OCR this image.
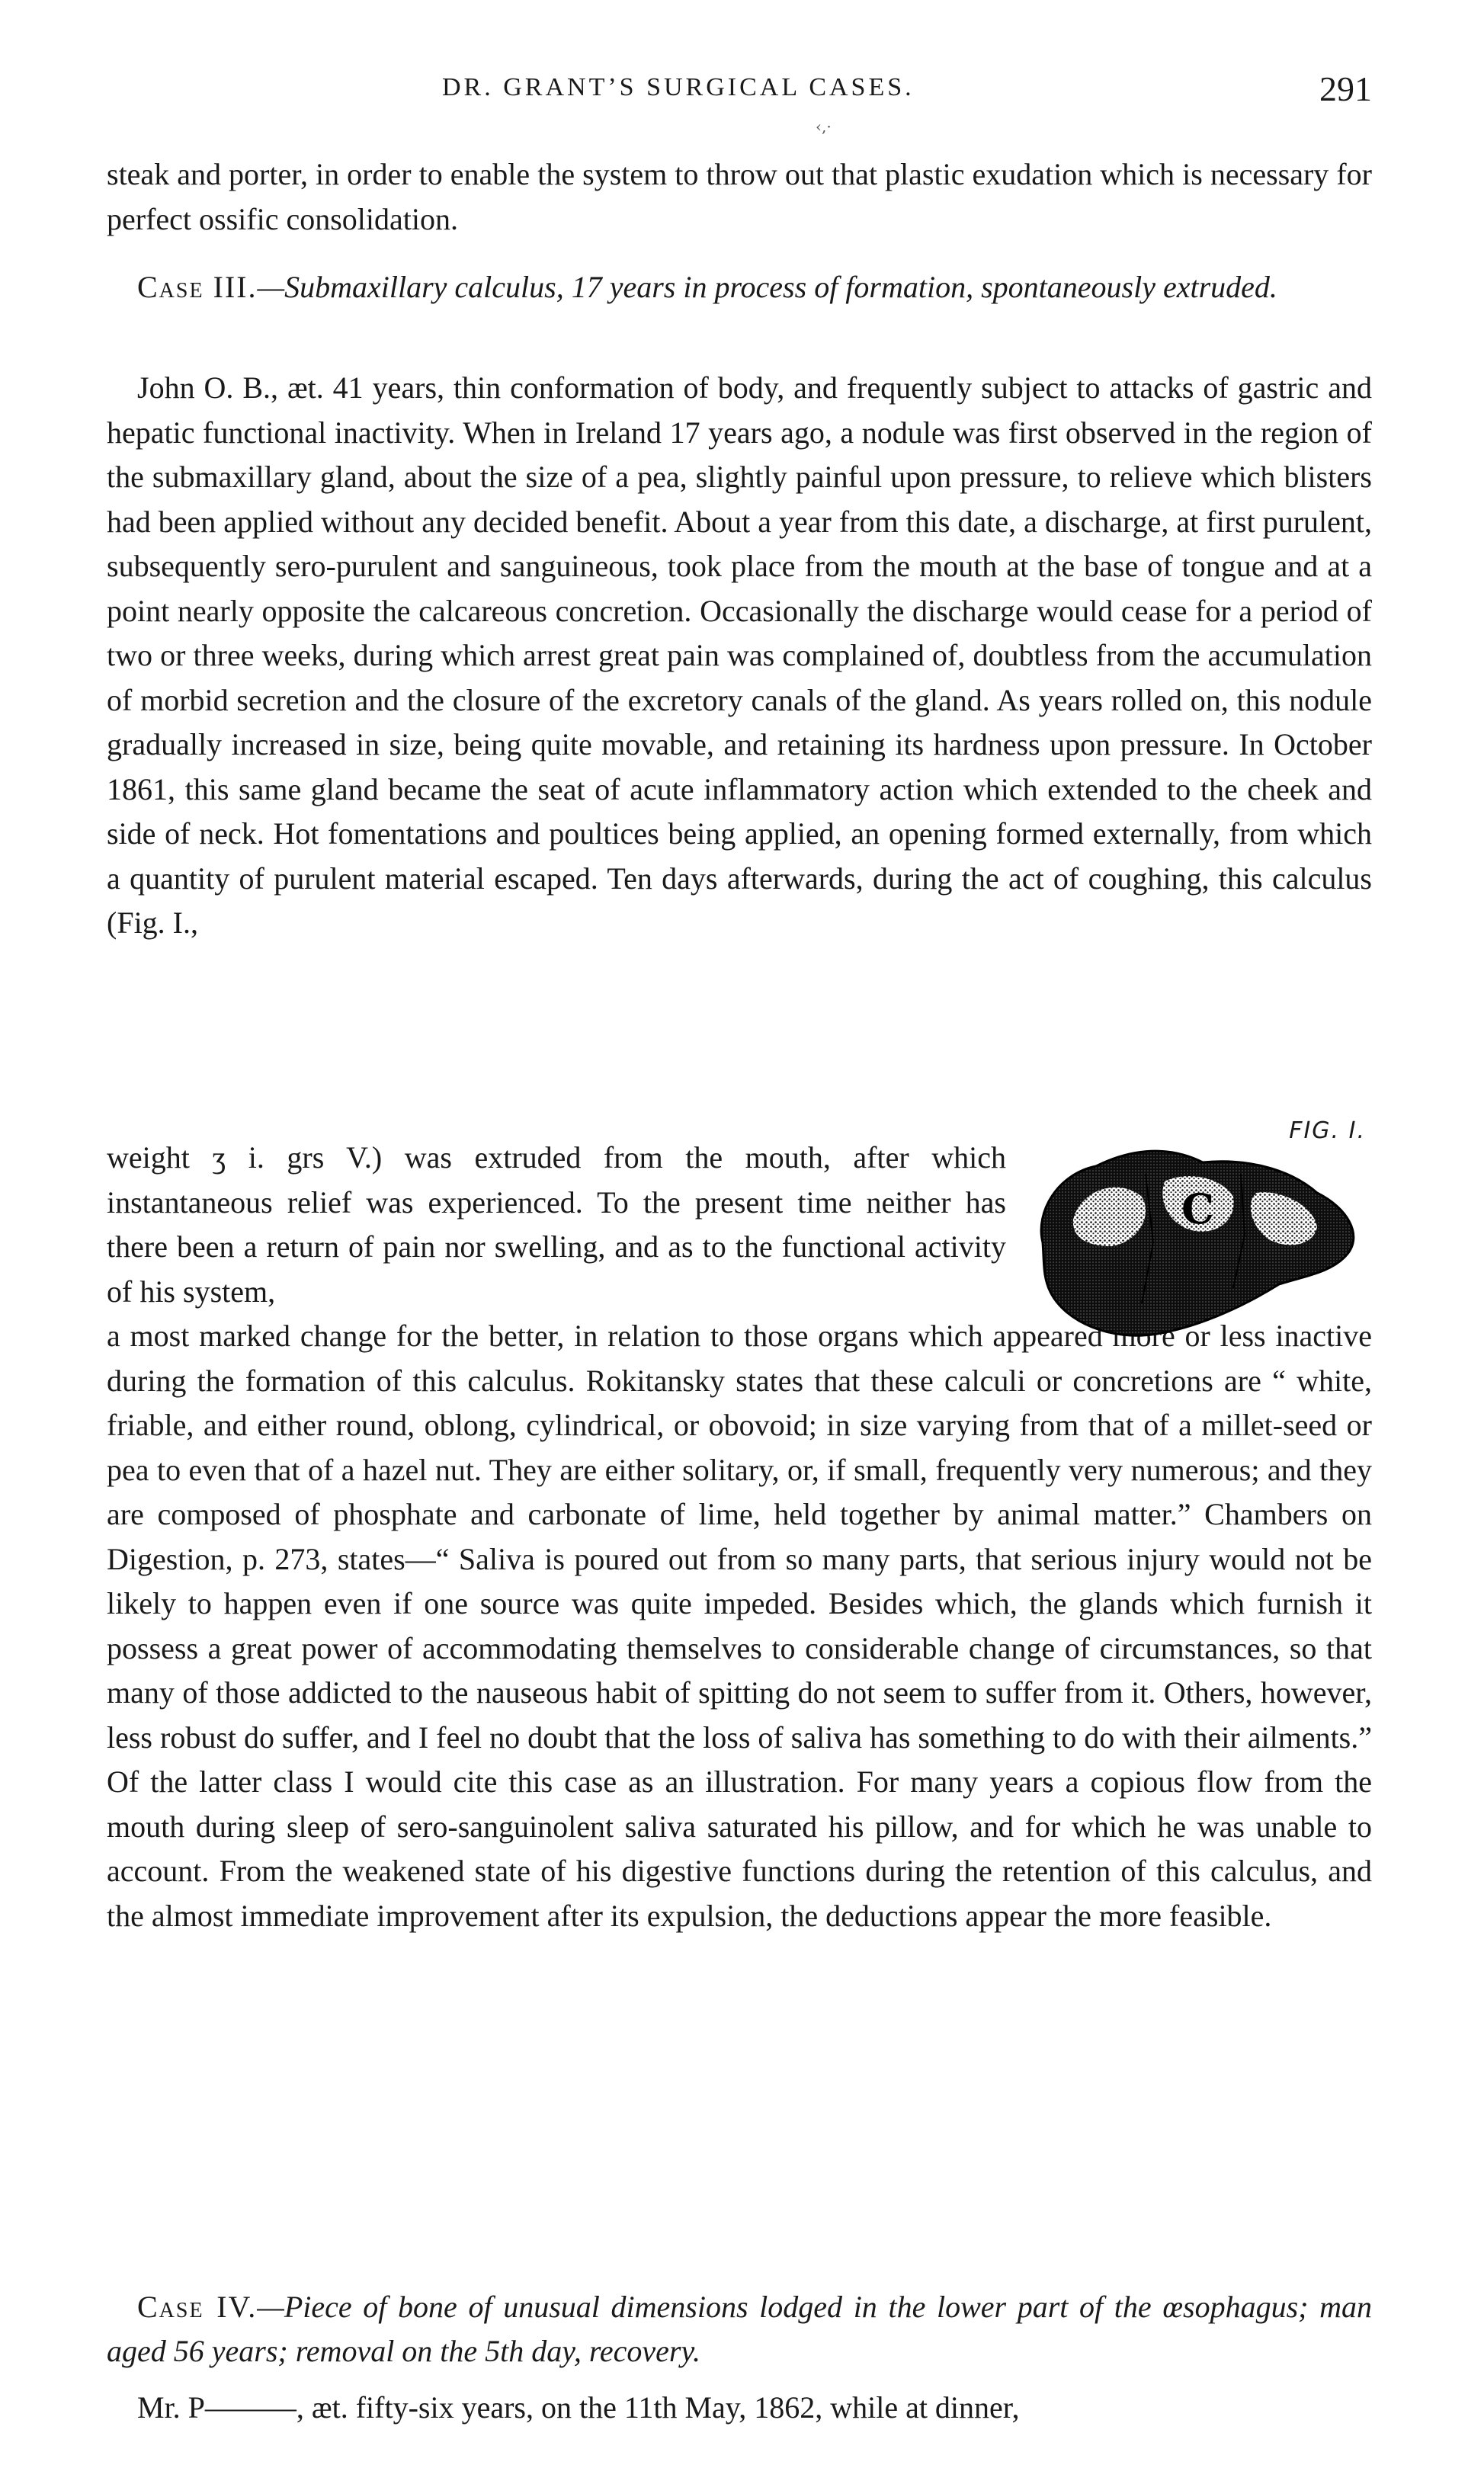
‹,·
DR. GRANT’S SURGICAL CASES.	291

steak and porter, in order to enable the system to throw out that plastic exudation which is necessary for perfect ossific consolidation.

Case III.—Submaxillary calculus, 17 years in process of formation, spontaneously extruded.

John O. B., æt. 41 years, thin conformation of body, and frequently subject to attacks of gastric and hepatic functional inactivity. When in Ireland 17 years ago, a nodule was first observed in the region of the submaxillary gland, about the size of a pea, slightly painful upon pressure, to relieve which blisters had been applied without any decided benefit. About a year from this date, a discharge, at first purulent, subsequently sero-purulent and sanguineous, took place from the mouth at the base of tongue and at a point nearly opposite the calcareous concretion. Occasionally the discharge would cease for a period of two or three weeks, during which arrest great pain was complained of, doubtless from the accumulation of morbid secretion and the closure of the excretory canals of the gland. As years rolled on, this nodule gradually increased in size, being quite movable, and retaining its hardness upon pressure. In October 1861, this same gland became the seat of acute inflammatory action which extended to the cheek and side of neck. Hot fomentations and poultices being applied, an opening formed externally, from which a quantity of purulent material escaped. Ten days afterwards, during the act of coughing, this calculus (Fig. I.,

weight ʒ i. grs V.) was extruded from the mouth, after which instantaneous relief was experienced. To the present time neither has there been a return of pain nor swelling, and as to the functional activity of his system,

a most marked change for the better, in relation to those organs which appeared more or less inactive during the formation of this calculus. Rokitansky states that these calculi or concretions are “ white, friable, and either round, oblong, cylindrical, or obovoid; in size varying from that of a millet-seed or pea to even that of a hazel nut. They are either solitary, or, if small, frequently very numerous; and they are composed of phosphate and carbonate of lime, held together by animal matter.” Chambers on Digestion, p. 273, states—“ Saliva is poured out from so many parts, that serious injury would not be likely to happen even if one source was quite impeded. Besides which, the glands which furnish it possess a great power of accommodating themselves to considerable change of circumstances, so that many of those addicted to the nauseous habit of spitting do not seem to suffer from it. Others, however, less robust do suffer, and I feel no doubt that the loss of saliva has something to do with their ailments.” Of the latter class I would cite this case as an illustration. For many years a copious flow from the mouth during sleep of sero-sanguinolent saliva saturated his pillow, and for which he was unable to account. From the weakened state of his digestive functions during the retention of this calculus, and the almost immediate improvement after its expulsion, the deductions appear the more feasible.

Case IV.—Piece of bone of unusual dimensions lodged in the lower part of the œsophagus; man aged 56 years; removal on the 5th day, recovery.

Mr. P———, æt. fifty-six years, on the 11th May, 1862, while at dinner,

FIG. I.
C
